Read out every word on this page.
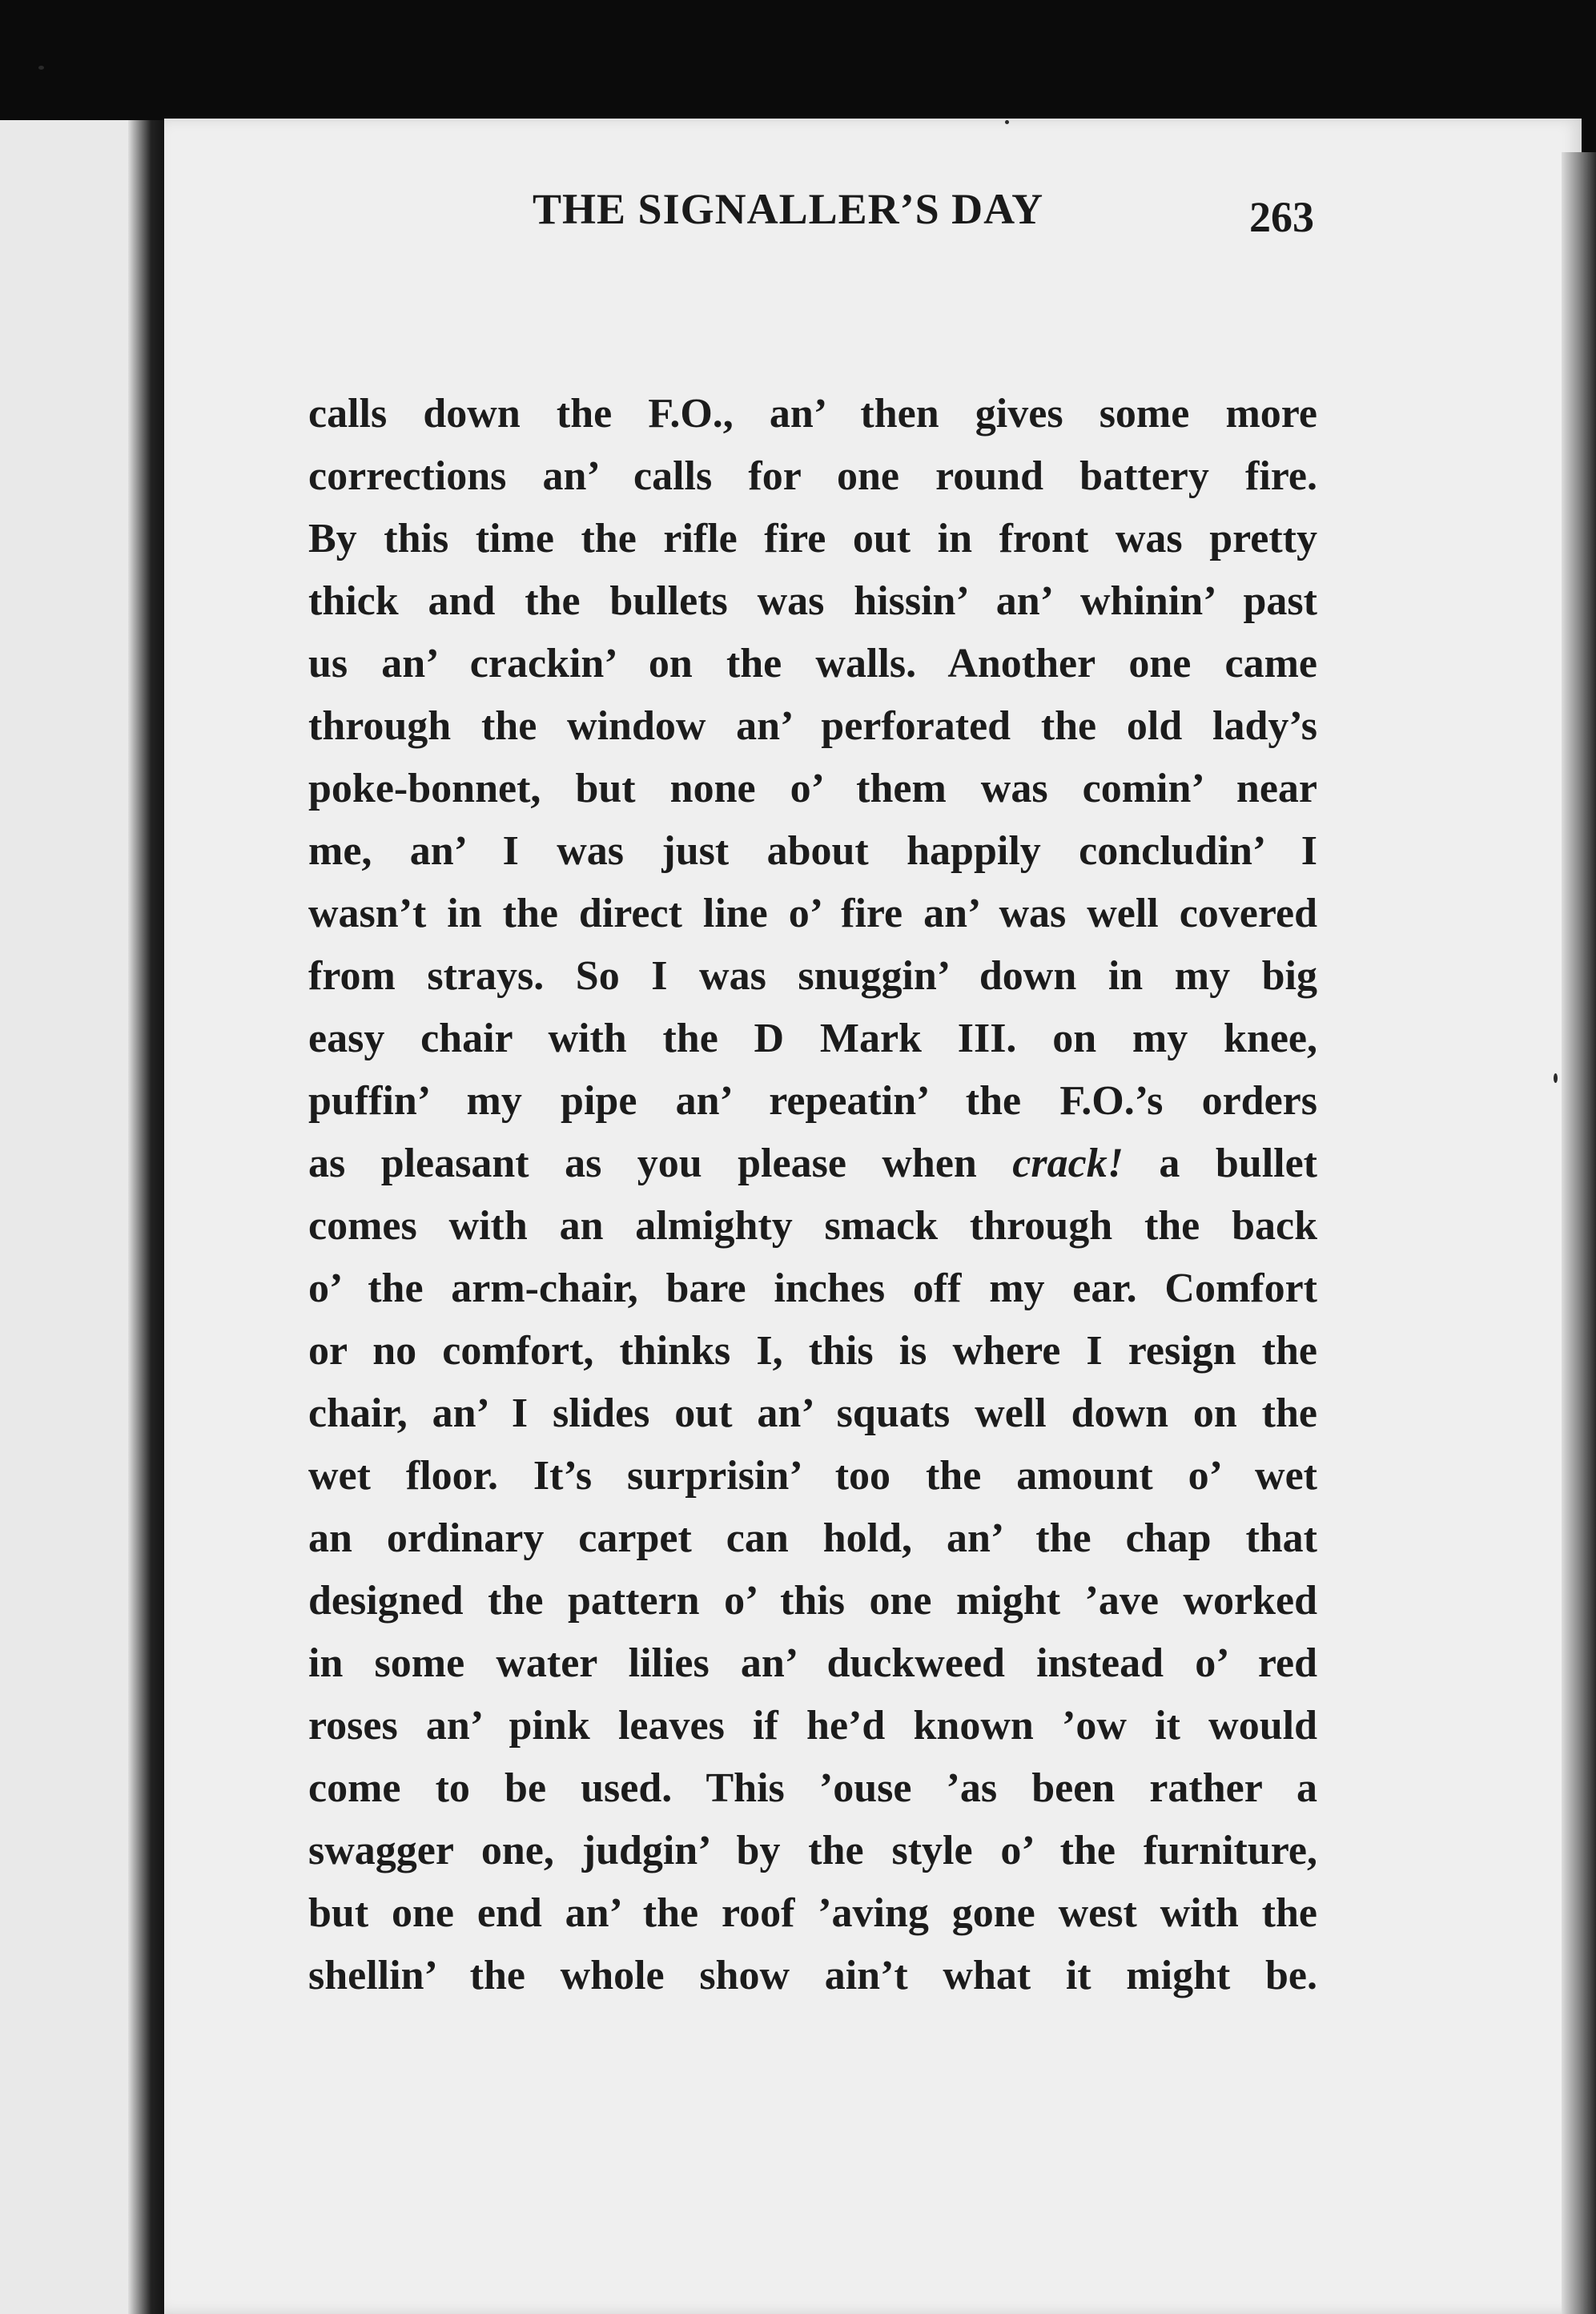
THE SIGNALLER’S DAY	263
calls down the F.O., an’ then gives some more
corrections an’ calls for one round battery fire.
By this time the rifle fire out in front was pretty
thick and the bullets was hissin’ an’ whinin’ past
us an’ crackin’ on the walls. Another one came
through the window an’ perforated the old lady’s
poke-bonnet, but none o’ them was comin’ near
me, an’ I was just about happily concludin’ I
wasn’t in the direct line o’ fire an’ was well covered
from strays. So I was snuggin’ down in my big
easy chair with the D Mark III. on my knee,
puffin’ my pipe an’ repeatin’ the F.O.’s orders
as pleasant as you please when crack! a bullet
comes with an almighty smack through the back
o’ the arm-chair, bare inches off my ear. Comfort
or no comfort, thinks I, this is where I resign the
chair, an’ I slides out an’ squats well down on the
wet floor. It’s surprisin’ too the amount o’ wet
an ordinary carpet can hold, an’ the chap that
designed the pattern o’ this one might ’ave worked
in some water lilies an’ duckweed instead o’ red
roses an’ pink leaves if he’d known ’ow it would
come to be used. This ’ouse ’as been rather a
swagger one, judgin’ by the style o’ the furniture,
but one end an’ the roof ’aving gone west with the
shellin’ the whole show ain’t what it might be.
